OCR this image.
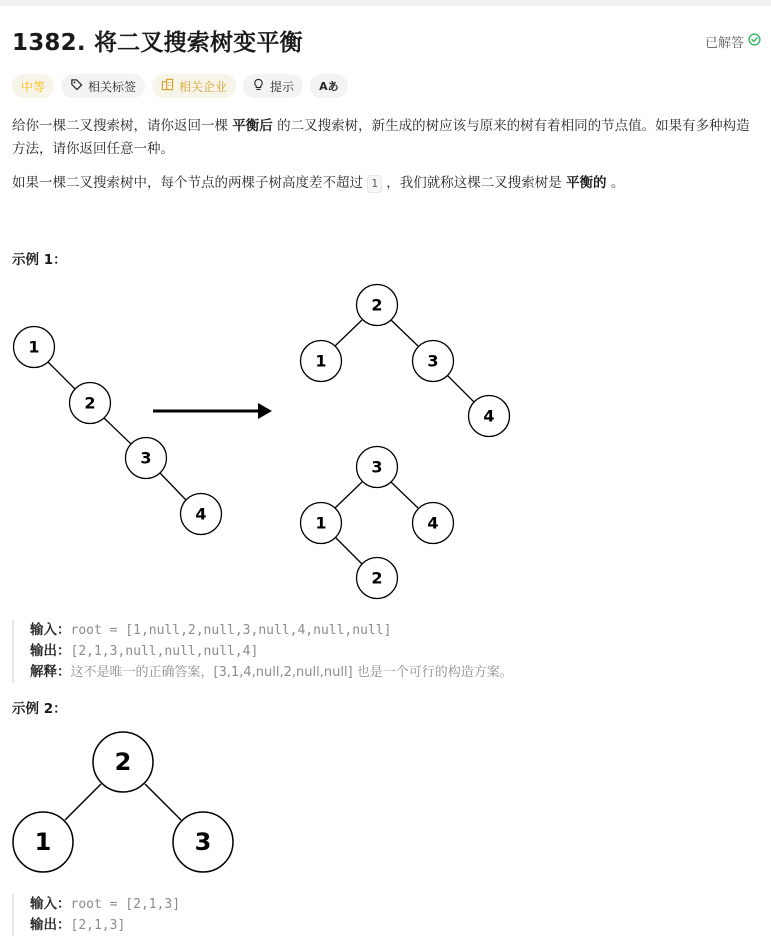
1382. 将二叉搜索树变平衡	已解答
中等	相关标签	相关企业	提示 Aあ

给你一棵二叉搜索树，请你返回一棵 平衡后 的二叉搜索树，新生成的树应该与原来的树有着相同的节点值。如果有多种构造方法，请你返回任意一种。

如果一棵二叉搜索树中，每个节点的两棵子树高度差不超过 1 ，我们就称这棵二叉搜索树是 平衡的 。

示例 1：

1
2
3
4
2
1	3
4
3
1	4
2
输入：root = [1,null,2,null,3,null,4,null,null]
输出：[2,1,3,null,null,null,4]
解释：这不是唯一的正确答案，[3,1,4,null,2,null,null] 也是一个可行的构造方案。

示例 2：

2
1	3
输入：root = [2,1,3]
输出：[2,1,3]
